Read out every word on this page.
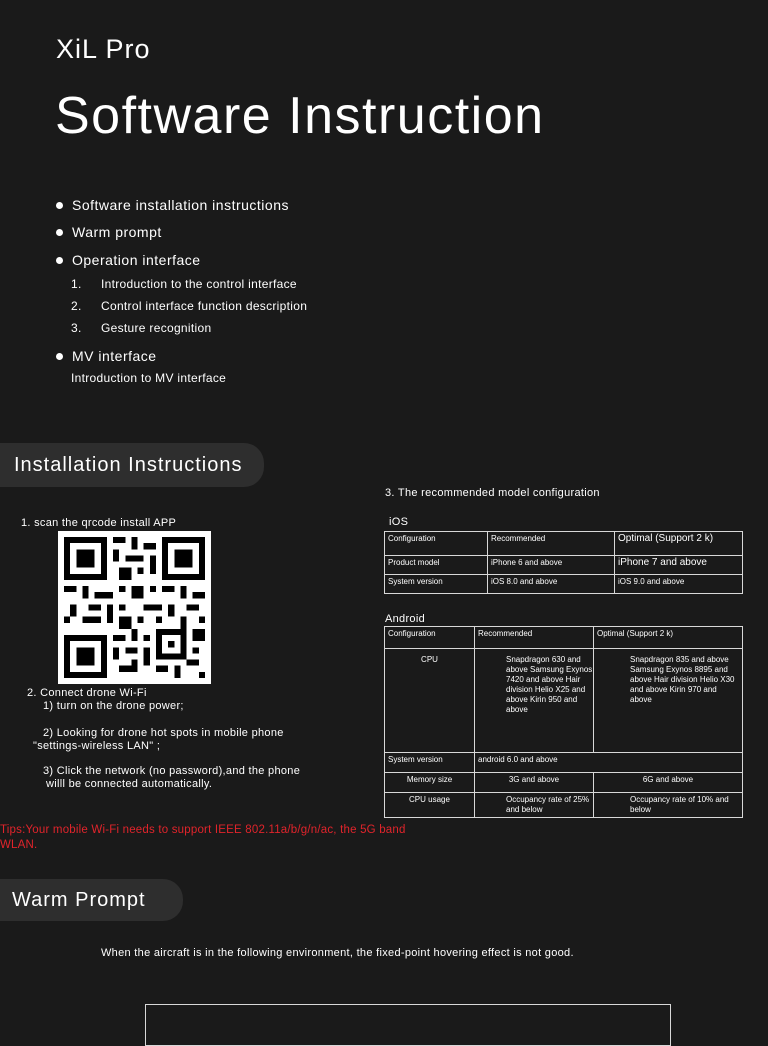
XiL Pro
Software Instruction
Software installation instructions
Warm prompt
Operation interface
1.	Introduction to the control interface
2.	Control interface function description
3.	Gesture recognition
MV interface
Introduction to MV interface
Installation Instructions
1. scan the qrcode install APP
2. Connect drone Wi-Fi
1) turn on the drone power;
2) Looking for drone hot spots in mobile phone
"settings-wireless LAN" ;
3) Click the network (no password),and the phone
willl be connected automatically.
Tips:Your mobile Wi-Fi needs to support IEEE 802.11a/b/g/n/ac, the 5G band WLAN.
3. The recommended model configuration
iOS
Configuration	Recommended	Optimal (Support 2 k)
Product model	iPhone 6 and above	iPhone 7 and above
System version	iOS 8.0 and above	iOS 9.0 and above
Android
Configuration	Recommended	Optimal (Support 2 k)
CPU	Snapdragon 630 and above Samsung Exynos 7420 and above Hair division Helio X25 and above Kirin 950 and above	Snapdragon 835 and above Samsung Exynos 8895 and above Hair division Helio X30 and above Kirin 970 and above
System version	android 6.0 and above	
Memory size	3G and above	6G and above
CPU usage	Occupancy rate of 25% and below	Occupancy rate of 10% and below
Warm Prompt
When the aircraft is in the following environment, the fixed-point hovering effect is not good.
